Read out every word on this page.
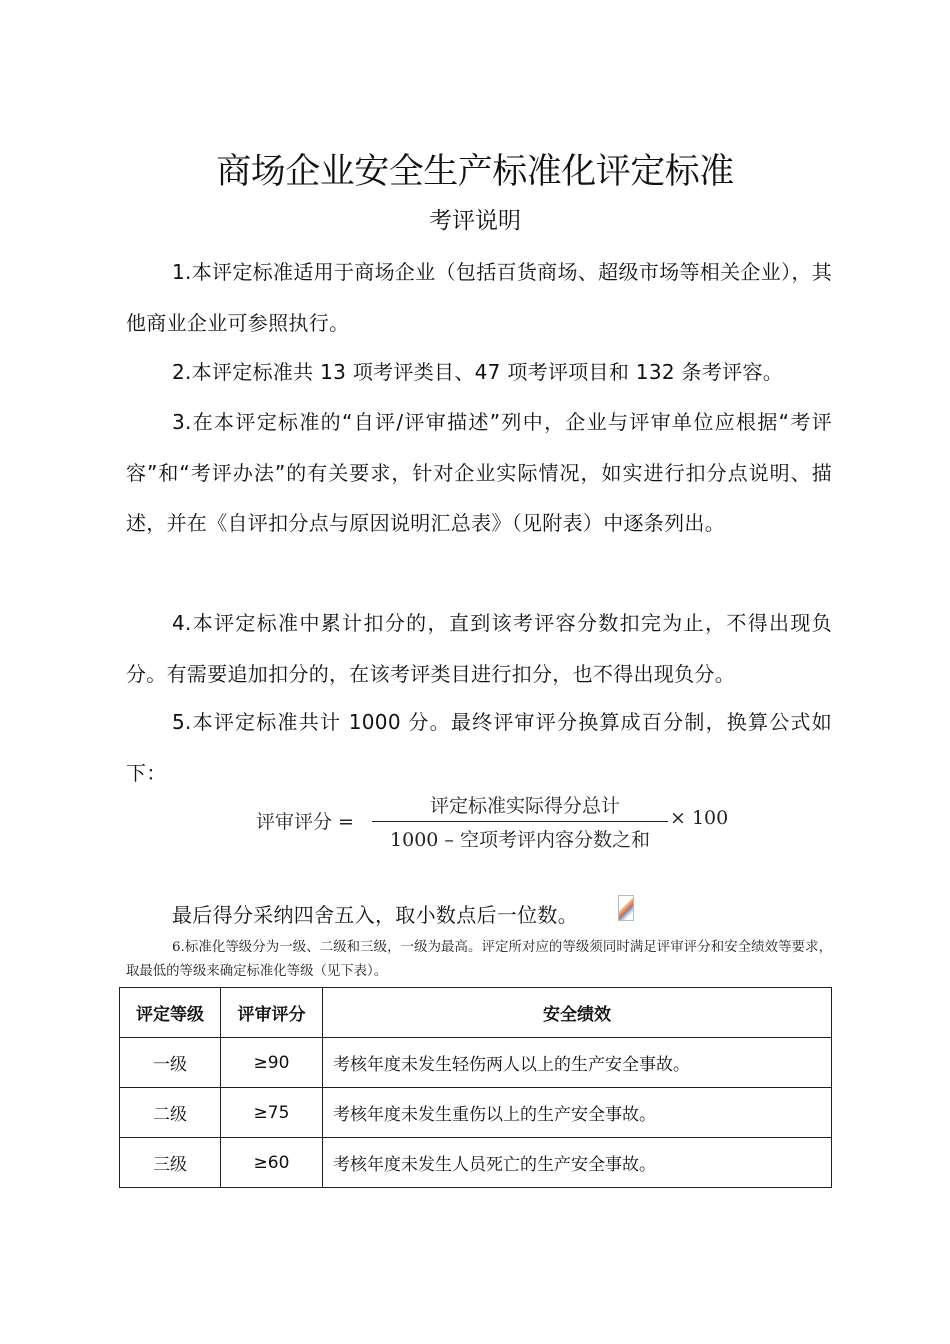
商场企业安全生产标准化评定标准
考评说明

1.本评定标准适用于商场企业（包括百货商场、超级市场等相关企业），其他商业企业可参照执行。

2.本评定标准共 13 项考评类目、47 项考评项目和 132 条考评容。

3.在本评定标准的“自评/评审描述”列中，企业与评审单位应根据“考评容”和“考评办法”的有关要求，针对企业实际情况，如实进行扣分点说明、描述，并在《自评扣分点与原因说明汇总表》（见附表）中逐条列出。

4.本评定标准中累计扣分的，直到该考评容分数扣完为止，不得出现负分。有需要追加扣分的，在该考评类目进行扣分，也不得出现负分。

5.本评定标准共计 1000 分。最终评审评分换算成百分制，换算公式如下：

评审评分 =
评定标准实际得分总计
1000 – 空项考评内容分数之和
× 100
最后得分采纳四舍五入，取小数点后一位数。

6.标准化等级分为一级、二级和三级，一级为最高。评定所对应的等级须同时满足评审评分和安全绩效等要求，取最低的等级来确定标准化等级（见下表）。

评定等级	评审评分	安全绩效
一级	≥90	考核年度未发生轻伤两人以上的生产安全事故。
二级	≥75	考核年度未发生重伤以上的生产安全事故。
三级	≥60	考核年度未发生人员死亡的生产安全事故。
